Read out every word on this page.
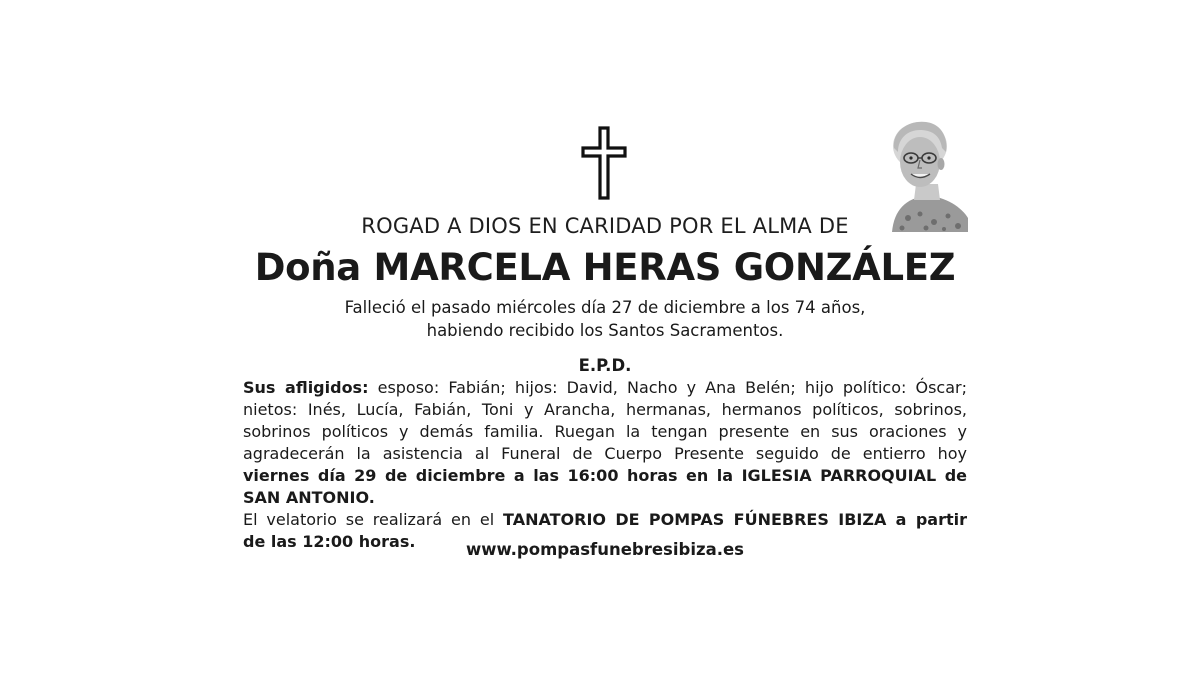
ROGAD A DIOS EN CARIDAD POR EL ALMA DE
Doña MARCELA HERAS GONZÁLEZ
Falleció el pasado miércoles día 27 de diciembre a los 74 años,
habiendo recibido los Santos Sacramentos.
E.P.D.
Sus afligidos: esposo: Fabián; hijos: David, Nacho y Ana Belén; hijo político: Óscar;
nietos: Inés, Lucía, Fabián, Toni y Arancha, hermanas, hermanos políticos, sobrinos,
sobrinos políticos y demás familia. Ruegan la tengan presente en sus oraciones y
agradecerán la asistencia al Funeral de Cuerpo Presente seguido de entierro hoy
viernes día 29 de diciembre a las 16:00 horas en la IGLESIA PARROQUIAL de
SAN ANTONIO.
El velatorio se realizará en el TANATORIO DE POMPAS FÚNEBRES IBIZA a partir
de las 12:00 horas.	www.pompasfunebresibiza.es
